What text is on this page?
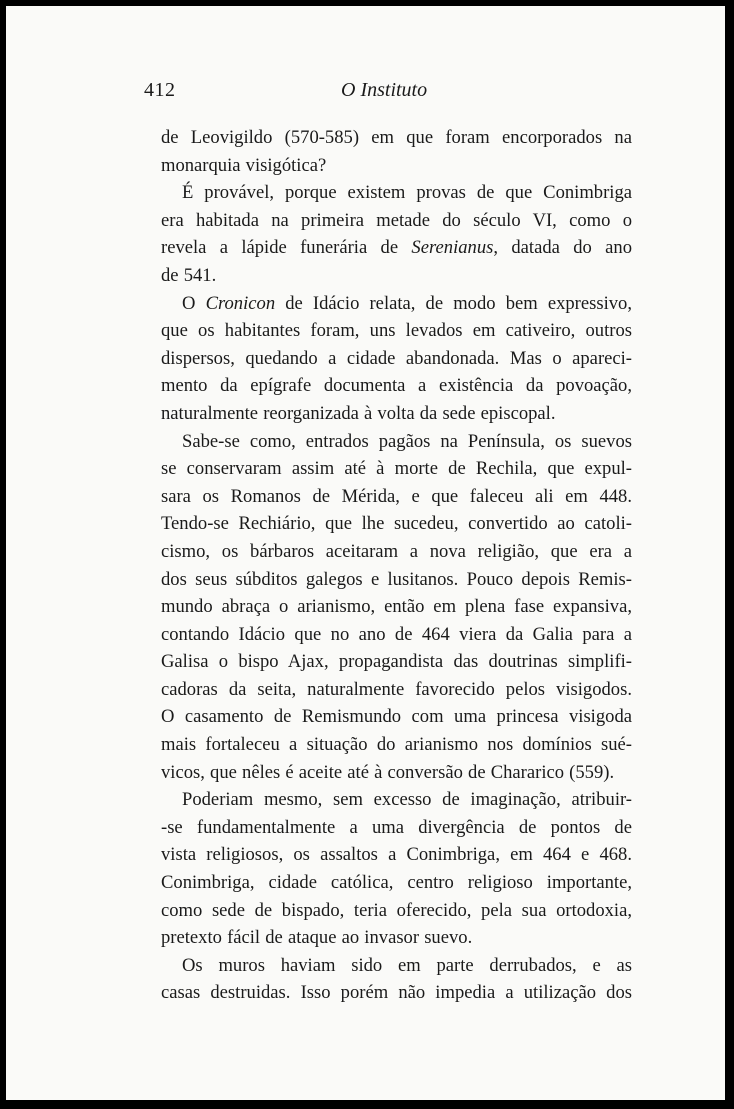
412	O Instituto
de Leovigildo (570-585) em que foram encorporados na
monarquia visigótica?
É provável, porque existem provas de que Conimbriga
era habitada na primeira metade do século VI, como o
revela a lápide funerária de Serenianus, datada do ano
de 541.
O Cronicon de Idácio relata, de modo bem expressivo,
que os habitantes foram, uns levados em cativeiro, outros
dispersos, quedando a cidade abandonada. Mas o apareci-
mento da epígrafe documenta a existência da povoação,
naturalmente reorganizada à volta da sede episcopal.
Sabe-se como, entrados pagãos na Península, os suevos
se conservaram assim até à morte de Rechila, que expul-
sara os Romanos de Mérida, e que faleceu ali em 448.
Tendo-se Rechiário, que lhe sucedeu, convertido ao catoli-
cismo, os bárbaros aceitaram a nova religião, que era a
dos seus súbditos galegos e lusitanos. Pouco depois Remis-
mundo abraça o arianismo, então em plena fase expansiva,
contando Idácio que no ano de 464 viera da Galia para a
Galisa o bispo Ajax, propagandista das doutrinas simplifi-
cadoras da seita, naturalmente favorecido pelos visigodos.
O casamento de Remismundo com uma princesa visigoda
mais fortaleceu a situação do arianismo nos domínios sué-
vicos, que nêles é aceite até à conversão de Chararico (559).
Poderiam mesmo, sem excesso de imaginação, atribuir-
-se fundamentalmente a uma divergência de pontos de
vista religiosos, os assaltos a Conimbriga, em 464 e 468.
Conimbriga, cidade católica, centro religioso importante,
como sede de bispado, teria oferecido, pela sua ortodoxia,
pretexto fácil de ataque ao invasor suevo.
Os muros haviam sido em parte derrubados, e as
casas destruidas. Isso porém não impedia a utilização dos
